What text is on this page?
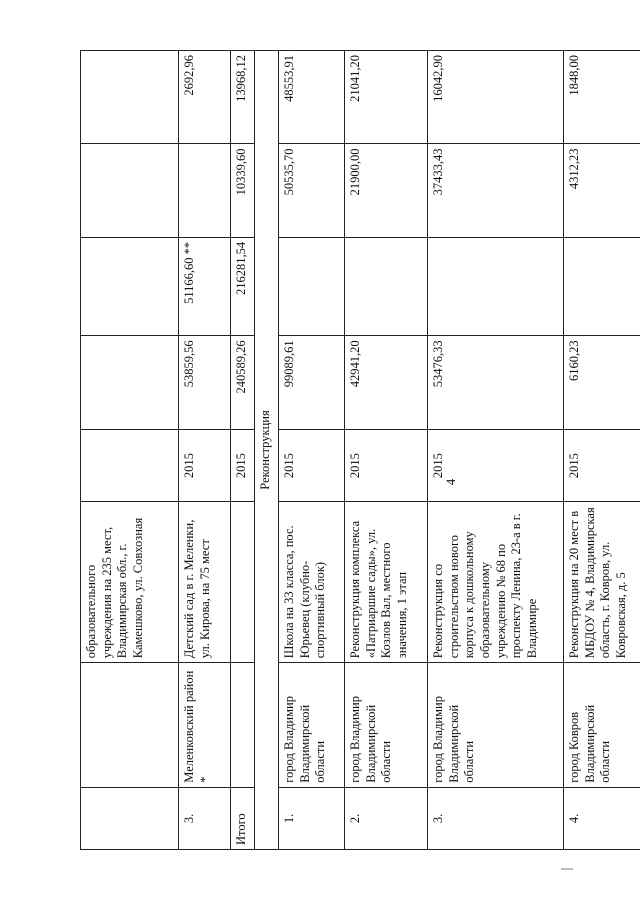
4
		образовательного учреждения на 235 мест, Владимирская обл., г. Камешково, ул. Совхозная					
3.	Меленковский район *	Детский сад в г. Меленки, ул. Кирова, на 75 мест	2015	53859,56	51166,60 **		2692,96
Итого			2015	240589,26	216281,54	10339,60	13968,12
Реконструкция							
1.	город Владимир Владимирской области	Школа на 33 класса, пос. Юрьевец (клубно-спортивный блок)	2015	99089,61		50535,70	48553,91
2.	город Владимир Владимирской области	Реконструкция комплекса «Патриаршие сады», ул. Козлов Вал, местного значения, 1 этап	2015	42941,20		21900,00	21041,20
3.	город Владимир Владимирской области	Реконструкция со строительством нового корпуса к дошкольному образовательному учреждению № 68 по проспекту Ленина, 23-а в г. Владимире	2015	53476,33		37433,43	16042,90
4.	город Ковров Владимирской области	Реконструкция на 20 мест в МБДОУ № 4, Владимирская область, г. Ковров, ул. Ковровская, д. 5	2015	6160,23		4312,23	1848,00
